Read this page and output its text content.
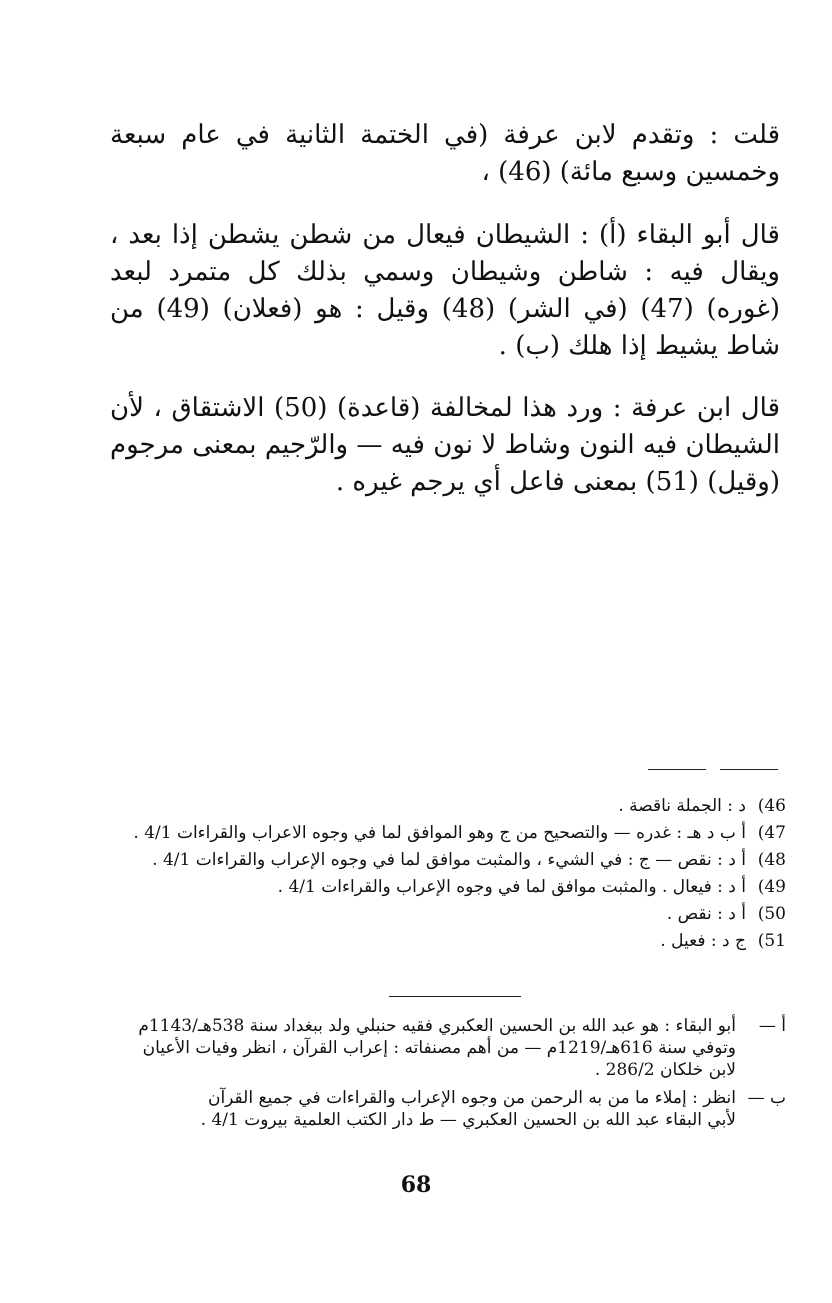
قلت : وتقدم لابن عرفة (في الختمة الثانية في عام سبعة وخمسين وسبع مائة) (46) ،
قال أبو البقاء (أ) : الشيطان فيعال من شطن يشطن إذا بعد ، ويقال فيه : شاطن وشيطان وسمي بذلك كل متمرد لبعد (غوره) (47) (في الشر) (48) وقيل : هو (فعلان) (49) من شاط يشيط إذا هلك (ب) .
قال ابن عرفة : ورد هذا لمخالفة (قاعدة) (50) الاشتقاق ، لأن الشيطان فيه النون وشاط لا نون فيه — والرّجيم بمعنى مرجوم (وقيل) (51) بمعنى فاعل أي يرجم غيره .
46)
د : الجملة ناقصة .
47)
أ ب د هـ : غدره — والتصحيح من ج وهو الموافق لما في وجوه الاعراب والقراءات 4/1 .
48)
أ د : نقص — ج : في الشيء ، والمثبت موافق لما في وجوه الإعراب والقراءات 4/1 .
49)
أ د : فيعال . والمثبت موافق لما في وجوه الإعراب والقراءات 4/1 .
50)
أ د : نقص .
51)
ج د : فعيل .
أ —
أبو البقاء : هو عبد الله بن الحسين العكبري فقيه حنبلي ولد ببغداد سنة 538هـ/1143م
وتوفي سنة 616هـ/1219م — من أهم مصنفاته : إعراب القرآن ، انظر وفيات الأعيان
لابن خلكان 286/2 .
ب —
انظر : إملاء ما من به الرحمن من وجوه الإعراب والقراءات في جميع القرآن
لأبي البقاء عبد الله بن الحسين العكبري — ط دار الكتب العلمية بيروت 4/1 .
68
